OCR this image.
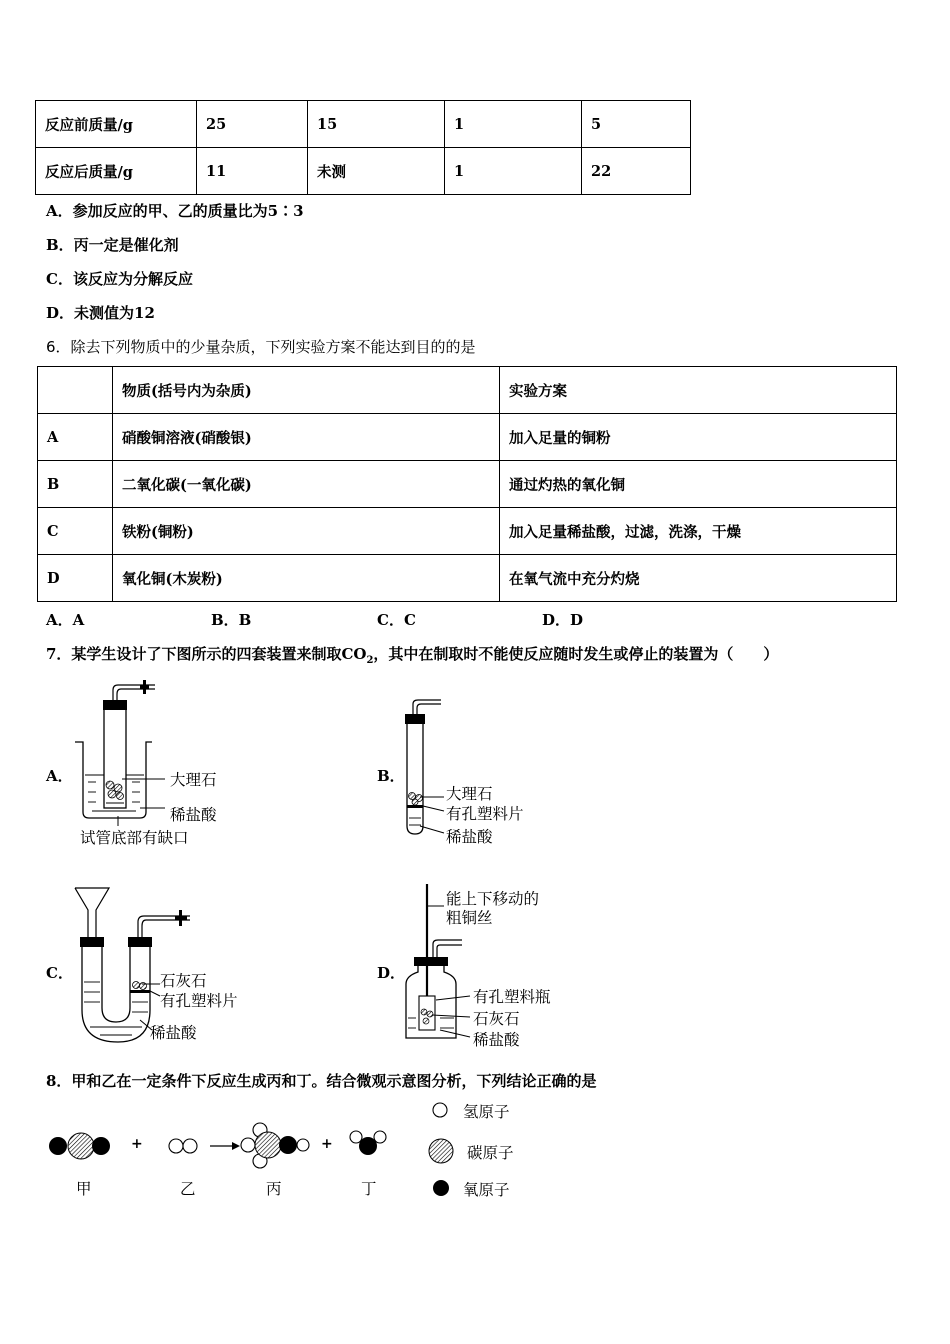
反应前质量/g	25	15	1	5
反应后质量/g	11	未测	1	22
A．参加反应的甲、乙的质量比为5∶3
B．丙一定是催化剂
C．该反应为分解反应
D．未测值为12
6．除去下列物质中的少量杂质，下列实验方案不能达到目的的是
	物质(括号内为杂质)	实验方案
A	硝酸铜溶液(硝酸银)	加入足量的铜粉
B	二氧化碳(一氧化碳)	通过灼热的氧化铜
C	铁粉(铜粉)	加入足量稀盐酸，过滤，洗涤，干燥
D	氧化铜(木炭粉)	在氧气流中充分灼烧
A．A	B．B	C．C	D．D
7．某学生设计了下图所示的四套装置来制取$CO_2$，其中在制取时不能使反应随时发生或停止的装置为（　　）
A．	大理石
稀盐酸
试管底部有缺口
B．
大理石
有孔塑料片
稀盐酸
C．	石灰石
有孔塑料片
稀盐酸
D．
能上下移动的
粗铜丝
有孔塑料瓶
石灰石
稀盐酸
8．甲和乙在一定条件下反应生成丙和丁。结合微观示意图分析，下列结论正确的是
+	+
甲	乙	丙	丁
氢原子
碳原子
氧原子
